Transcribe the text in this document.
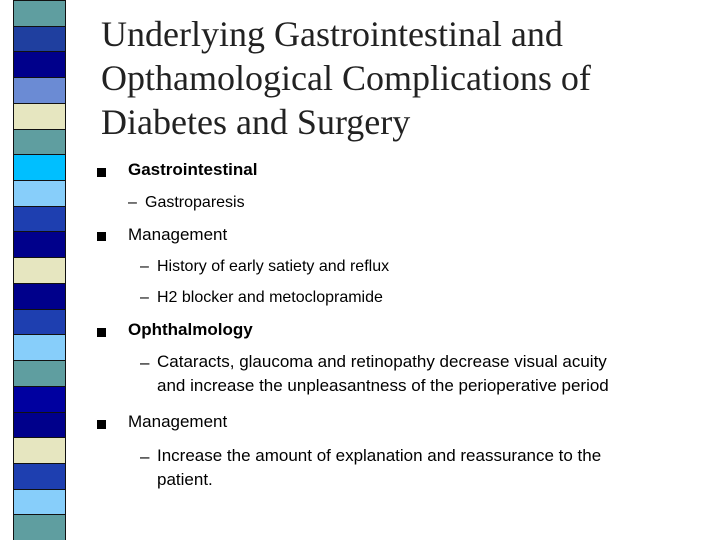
Underlying Gastrointestinal and
Opthamological Complications of
Diabetes and Surgery
Gastrointestinal
– Gastroparesis
Management
– History of early satiety and reflux
– H2 blocker and metoclopramide
Ophthalmology
– Cataracts, glaucoma and retinopathy decrease visual acuity
and increase the unpleasantness of the perioperative period
Management
– Increase the amount of explanation and reassurance to the
patient.
